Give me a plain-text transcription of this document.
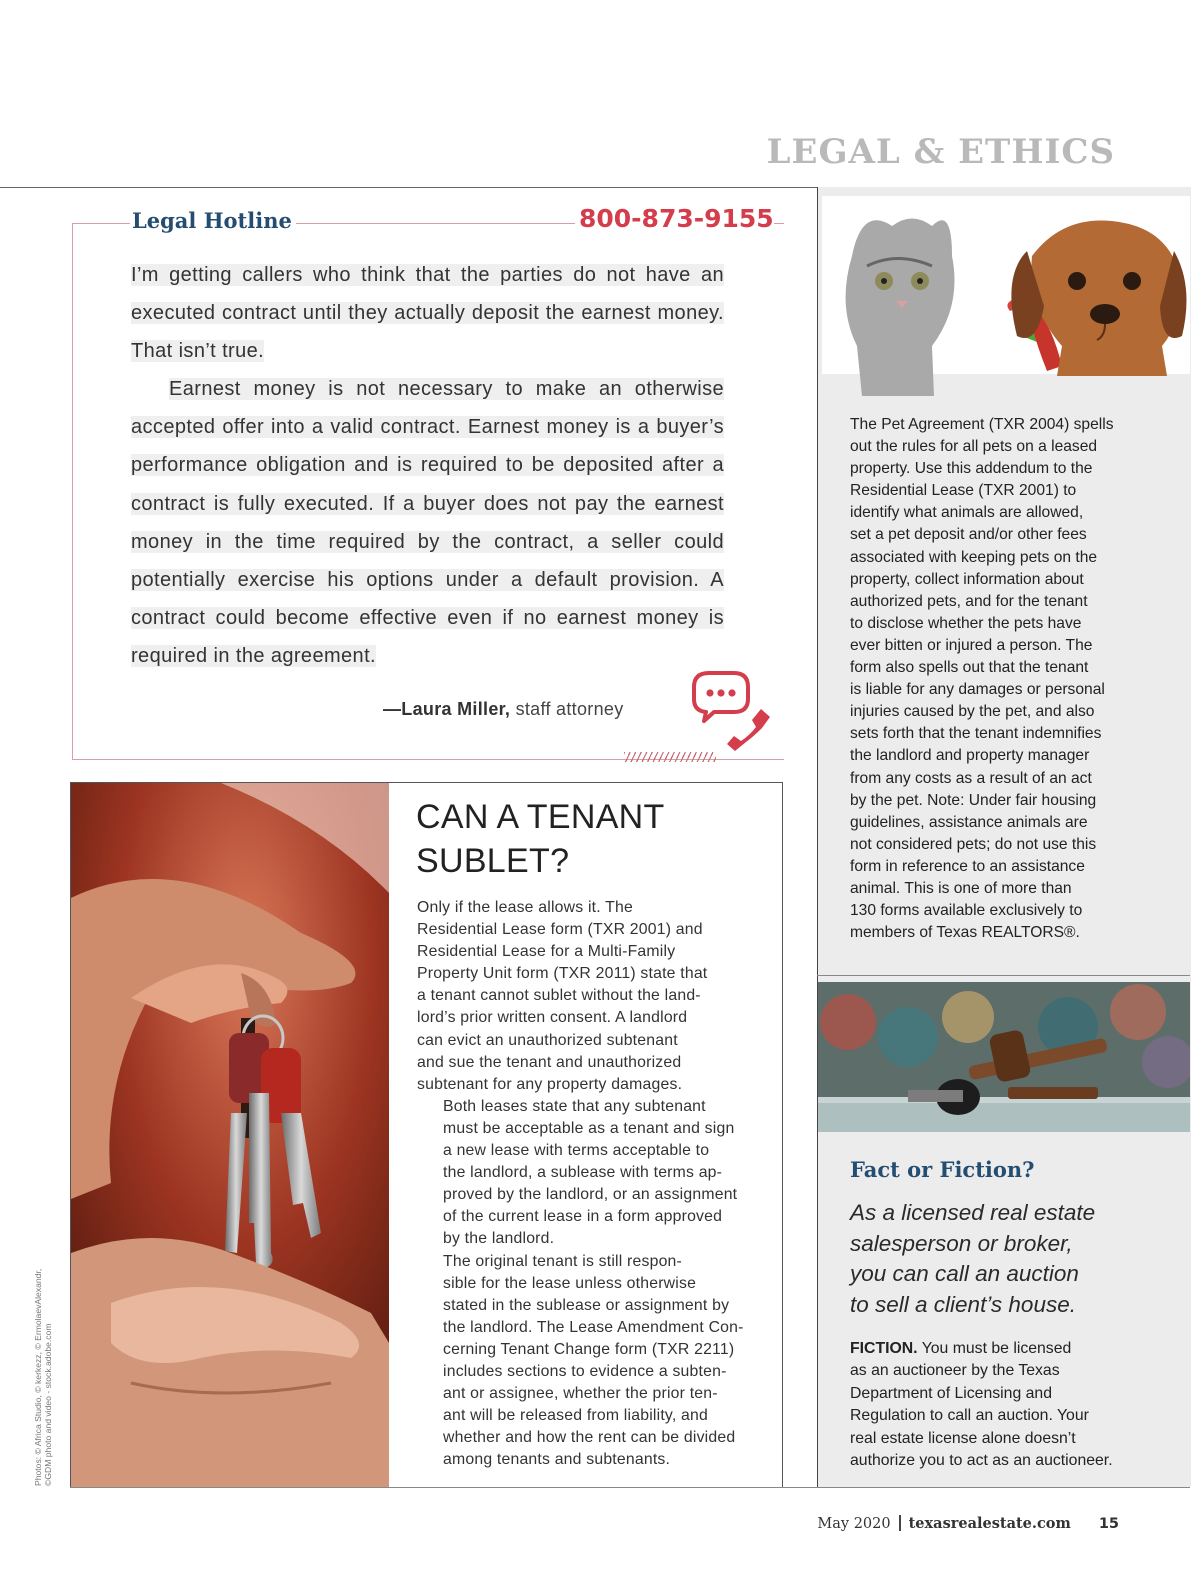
LEGAL & ETHICS
Legal Hotline	800-873-9155

I’m getting callers who think that the parties do not have an executed contract until they actually deposit the earnest money. That isn’t true.

Earnest money is not necessary to make an otherwise accepted offer into a valid contract. Earnest money is a buyer’s performance obligation and is required to be deposited after a contract is fully executed. If a buyer does not pay the earnest money in the time required by the contract, a seller could potentially exercise his options under a default provision. A contract could become effective even if no earnest money is required in the agreement.

—Laura Miller, staff attorney
CAN A TENANT
SUBLET?

Only if the lease allows it. The
Residential Lease form (TXR 2001) and
Residential Lease for a Multi-Family
Property Unit form (TXR 2011) state that
a tenant cannot sublet without the land-
lord’s prior written consent. A landlord
can evict an unauthorized subtenant
and sue the tenant and unauthorized
subtenant for any property damages.

Both leases state that any subtenant
must be acceptable as a tenant and sign
a new lease with terms acceptable to
the landlord, a sublease with terms ap-
proved by the landlord, or an assignment
of the current lease in a form approved
by the landlord.

The original tenant is still respon-
sible for the lease unless otherwise
stated in the sublease or assignment by
the landlord. The Lease Amendment Con-
cerning Tenant Change form (TXR 2211)
includes sections to evidence a subten-
ant or assignee, whether the prior ten-
ant will be released from liability, and
whether and how the rent can be divided
among tenants and subtenants.

Photos: © Africa Studio, © kerkezz, © ErmolaevAlexandr, ©GDM photo and video - stock.adobe.com
The Pet Agreement (TXR 2004) spells
out the rules for all pets on a leased
property. Use this addendum to the
Residential Lease (TXR 2001) to
identify what animals are allowed,
set a pet deposit and/or other fees
associated with keeping pets on the
property, collect information about
authorized pets, and for the tenant
to disclose whether the pets have
ever bitten or injured a person. The
form also spells out that the tenant
is liable for any damages or personal
injuries caused by the pet, and also
sets forth that the tenant indemnifies
the landlord and property manager
from any costs as a result of an act
by the pet. Note: Under fair housing
guidelines, assistance animals are
not considered pets; do not use this
form in reference to an assistance
animal. This is one of more than
130 forms available exclusively to
members of Texas REALTORS®.
Fact or Fiction?
As a licensed real estate
salesperson or broker,
you can call an auction
to sell a client’s house.
FICTION. You must be licensed
as an auctioneer by the Texas
Department of Licensing and
Regulation to call an auction. Your
real estate license alone doesn’t
authorize you to act as an auctioneer.
May 2020 texasrealestate.com 15
